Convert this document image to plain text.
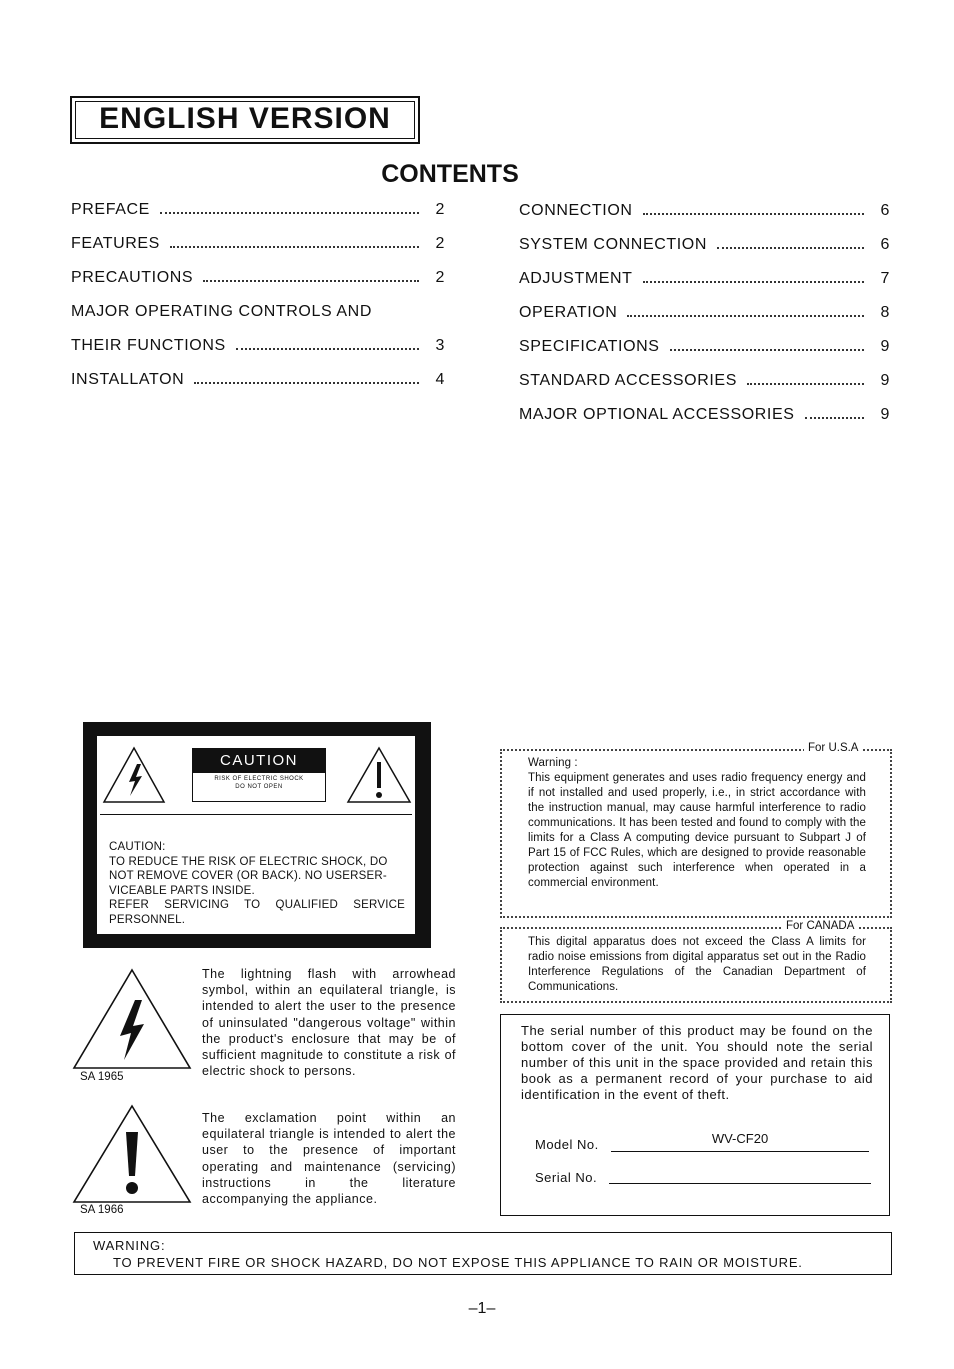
ENGLISH VERSION
CONTENTS
PREFACE	2
FEATURES	2
PRECAUTIONS	2
MAJOR OPERATING CONTROLS AND
THEIR FUNCTIONS	3
INSTALLATON	4
CONNECTION	6
SYSTEM CONNECTION	6
ADJUSTMENT	7
OPERATION	8
SPECIFICATIONS	9
STANDARD ACCESSORIES	9
MAJOR OPTIONAL ACCESSORIES	9
CAUTION
RISK OF ELECTRIC SHOCK
DO NOT OPEN
CAUTION:
TO REDUCE THE RISK OF ELECTRIC SHOCK, DO
NOT REMOVE COVER (OR BACK). NO USERSER-
VICEABLE PARTS INSIDE.
REFER SERVICING TO QUALIFIED SERVICE
PERSONNEL.
SA 1965
The lightning flash with arrowhead symbol, within an equilateral triangle, is intended to alert the user to the presence of uninsulated "dangerous voltage" within the product's enclosure that may be of sufficient magnitude to constitute a risk of electric shock to persons.
SA 1966
The exclamation point within an equilateral triangle is intended to alert the user to the presence of important operating and maintenance (servicing) instructions in the literature accompanying the appliance.
For U.S.A
Warning :
This equipment generates and uses radio frequency energy and if not installed and used properly, i.e., in strict accordance with the instruction manual, may cause harmful interference to radio communications. It has been tested and found to comply with the limits for a Class A computing device pursuant to Subpart J of Part 15 of FCC Rules, which are designed to provide reasonable protection against such interference when operated in a commercial environment.
For CANADA
This digital apparatus does not exceed the Class A limits for radio noise emissions from digital apparatus set out in the Radio Interference Regulations of the Canadian Department of Communications.
The serial number of this product may be found on the bottom cover of the unit. You should note the serial number of this unit in the space provided and retain this book as a permanent record of your purchase to aid identification in the event of theft.
Model No.	WV-CF20
Serial No.
WARNING:
TO PREVENT FIRE OR SHOCK HAZARD, DO NOT EXPOSE THIS APPLIANCE TO RAIN OR MOISTURE.
–1–
